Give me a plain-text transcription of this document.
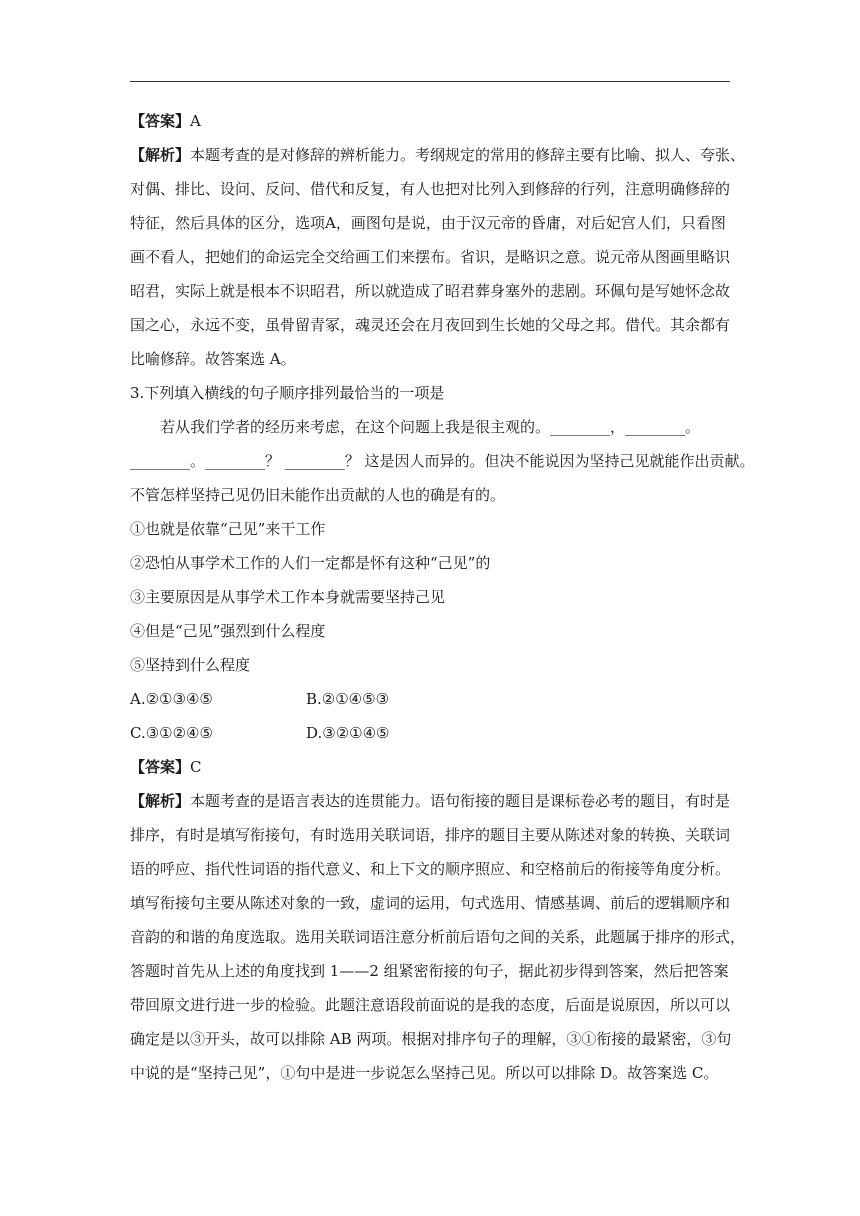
【答案】A
【解析】本题考查的是对修辞的辨析能力。考纲规定的常用的修辞主要有比喻、拟人、夸张、
对偶、排比、设问、反问、借代和反复，有人也把对比列入到修辞的行列，注意明确修辞的
特征，然后具体的区分，选项A，画图句是说，由于汉元帝的昏庸，对后妃宫人们，只看图
画不看人，把她们的命运完全交给画工们来摆布。省识，是略识之意。说元帝从图画里略识
昭君，实际上就是根本不识昭君，所以就造成了昭君葬身塞外的悲剧。环佩句是写她怀念故
国之心，永远不变，虽骨留青冢，魂灵还会在月夜回到生长她的父母之邦。借代。其余都有
比喻修辞。故答案选 A。
3.下列填入横线的句子顺序排列最恰当的一项是
若从我们学者的经历来考虑，在这个问题上我是很主观的。________，________。
________。________？ ________？ 这是因人而异的。但决不能说因为坚持己见就能作出贡献。
不管怎样坚持己见仍旧未能作出贡献的人也的确是有的。
①也就是依靠“己见”来干工作
②恐怕从事学术工作的人们一定都是怀有这种“己见”的
③主要原因是从事学术工作本身就需要坚持己见
④但是“己见”强烈到什么程度
⑤坚持到什么程度
A.②①③④⑤	B.②①④⑤③
C.③①②④⑤	D.③②①④⑤
【答案】C
【解析】本题考查的是语言表达的连贯能力。语句衔接的题目是课标卷必考的题目，有时是
排序，有时是填写衔接句，有时选用关联词语，排序的题目主要从陈述对象的转换、关联词
语的呼应、指代性词语的指代意义、和上下文的顺序照应、和空格前后的衔接等角度分析。
填写衔接句主要从陈述对象的一致，虚词的运用，句式选用、情感基调、前后的逻辑顺序和
音韵的和谐的角度选取。选用关联词语注意分析前后语句之间的关系，此题属于排序的形式，
答题时首先从上述的角度找到 1——2 组紧密衔接的句子，据此初步得到答案，然后把答案
带回原文进行进一步的检验。此题注意语段前面说的是我的态度，后面是说原因，所以可以
确定是以③开头，故可以排除 AB 两项。根据对排序句子的理解，③①衔接的最紧密，③句
中说的是“坚持己见”，①句中是进一步说怎么坚持己见。所以可以排除 D。故答案选 C。
